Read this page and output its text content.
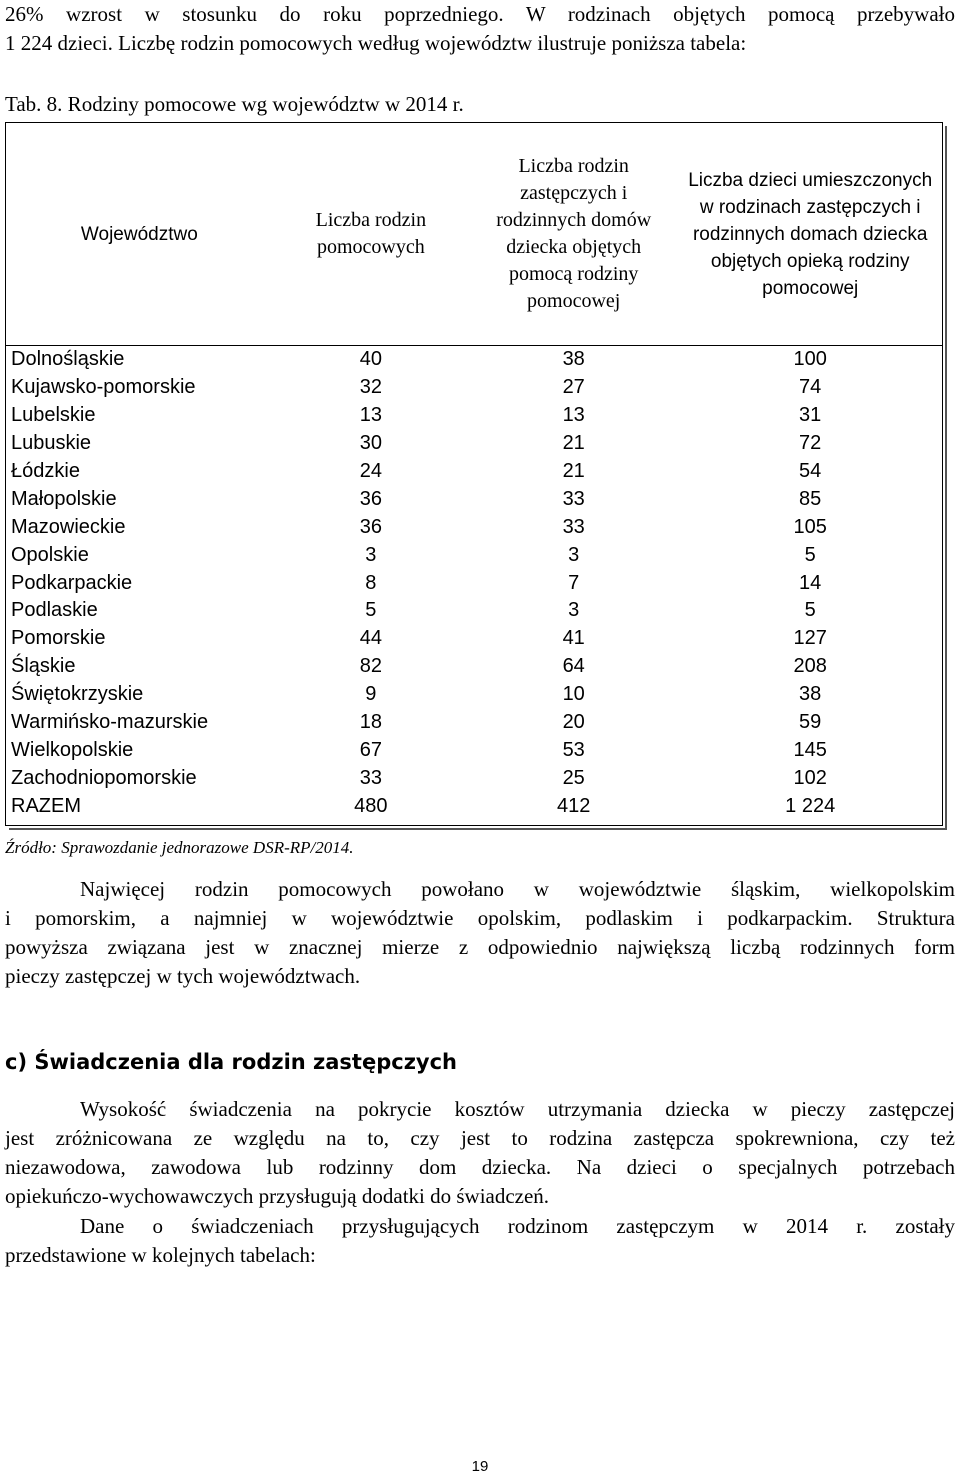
26% wzrost w stosunku do roku poprzedniego. W rodzinach objętych pomocą przebywało
1 224 dzieci. Liczbę rodzin pomocowych według województw ilustruje poniższa tabela:
Tab. 8. Rodziny pomocowe wg województw w 2014 r.
Województwo	Liczba rodzin pomocowych	Liczba rodzin zastępczych i rodzinnych domów dziecka objętych pomocą rodziny pomocowej	Liczba dzieci umieszczonych w rodzinach zastępczych i rodzinnych domach dziecka objętych opieką rodziny pomocowej
Dolnośląskie	40	38	100
Kujawsko-pomorskie	32	27	74
Lubelskie	13	13	31
Lubuskie	30	21	72
Łódzkie	24	21	54
Małopolskie	36	33	85
Mazowieckie	36	33	105
Opolskie	3	3	5
Podkarpackie	8	7	14
Podlaskie	5	3	5
Pomorskie	44	41	127
Śląskie	82	64	208
Świętokrzyskie	9	10	38
Warmińsko-mazurskie	18	20	59
Wielkopolskie	67	53	145
Zachodniopomorskie	33	25	102
RAZEM	480	412	1 224
Źródło: Sprawozdanie jednorazowe DSR-RP/2014.
Najwięcej rodzin pomocowych powołano w województwie śląskim, wielkopolskim
i pomorskim, a najmniej w województwie opolskim, podlaskim i podkarpackim. Struktura
powyższa związana jest w znacznej mierze z odpowiednio największą liczbą rodzinnych form
pieczy zastępczej w tych województwach.
c) Świadczenia dla rodzin zastępczych
Wysokość świadczenia na pokrycie kosztów utrzymania dziecka w pieczy zastępczej
jest zróżnicowana ze względu na to, czy jest to rodzina zastępcza spokrewniona, czy też
niezawodowa, zawodowa lub rodzinny dom dziecka. Na dzieci o specjalnych potrzebach
opiekuńczo-wychowawczych przysługują dodatki do świadczeń.
Dane o świadczeniach przysługujących rodzinom zastępczym w 2014 r. zostały
przedstawione w kolejnych tabelach:
19
